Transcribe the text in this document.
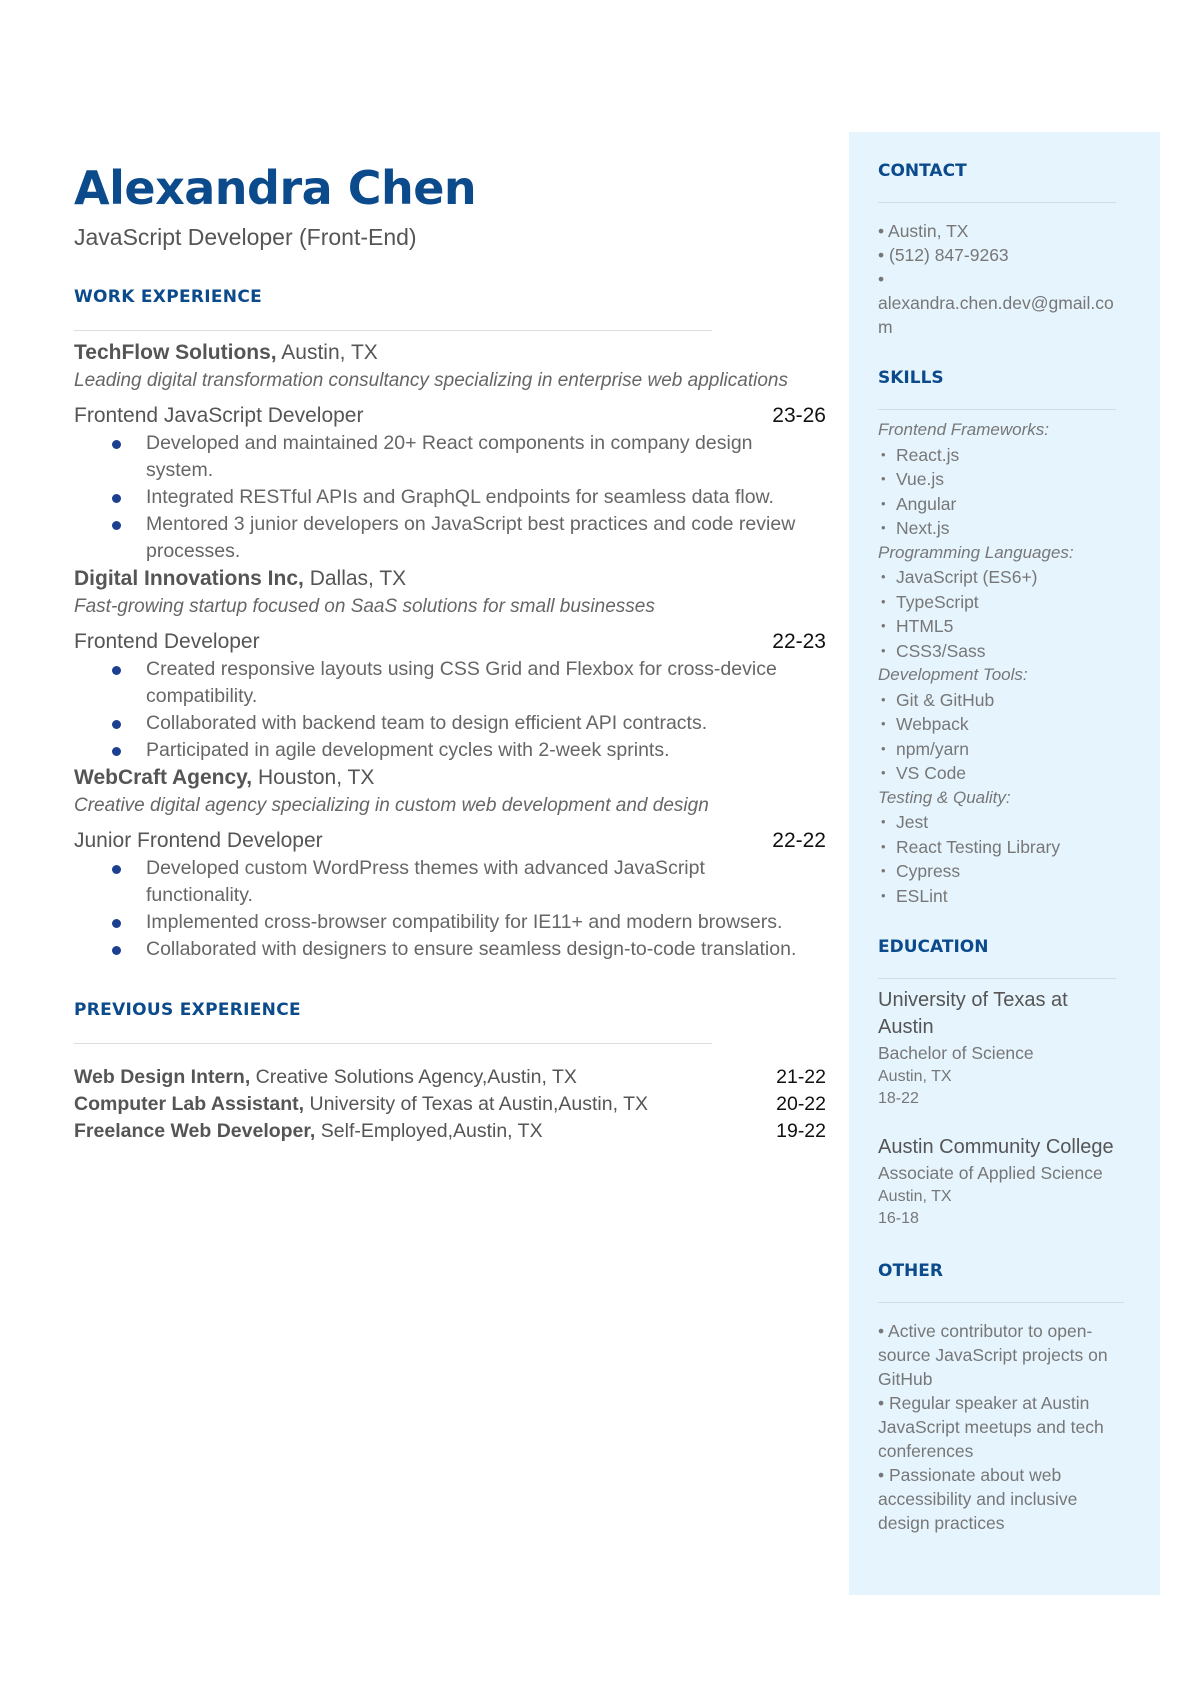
Alexandra Chen
JavaScript Developer (Front-End)
WORK EXPERIENCE
TechFlow Solutions, Austin, TX
Leading digital transformation consultancy specializing in enterprise web applications
Frontend JavaScript Developer	23-26
Developed and maintained 20+ React components in company design system.
Integrated RESTful APIs and GraphQL endpoints for seamless data flow.
Mentored 3 junior developers on JavaScript best practices and code review processes.
Digital Innovations Inc, Dallas, TX
Fast-growing startup focused on SaaS solutions for small businesses
Frontend Developer	22-23
Created responsive layouts using CSS Grid and Flexbox for cross-device compatibility.
Collaborated with backend team to design efficient API contracts.
Participated in agile development cycles with 2-week sprints.
WebCraft Agency, Houston, TX
Creative digital agency specializing in custom web development and design
Junior Frontend Developer	22-22
Developed custom WordPress themes with advanced JavaScript functionality.
Implemented cross-browser compatibility for IE11+ and modern browsers.
Collaborated with designers to ensure seamless design-to-code translation.
PREVIOUS EXPERIENCE
Web Design Intern, Creative Solutions Agency,Austin, TX	21-22
Computer Lab Assistant, University of Texas at Austin,Austin, TX	20-22
Freelance Web Developer, Self-Employed,Austin, TX	19-22
CONTACT
• Austin, TX
• (512) 847-9263
•
alexandra.chen.dev@gmail.co
m
SKILLS
Frontend Frameworks:
• React.js
• Vue.js
• Angular
• Next.js
Programming Languages:
• JavaScript (ES6+)
• TypeScript
• HTML5
• CSS3/Sass
Development Tools:
• Git & GitHub
• Webpack
• npm/yarn
• VS Code
Testing & Quality:
• Jest
• React Testing Library
• Cypress
• ESLint
EDUCATION
University of Texas at
Austin
Bachelor of Science
Austin, TX
18-22
Austin Community College
Associate of Applied Science
Austin, TX
16-18
OTHER
• Active contributor to open-
source JavaScript projects on
GitHub
• Regular speaker at Austin
JavaScript meetups and tech
conferences
• Passionate about web
accessibility and inclusive
design practices
